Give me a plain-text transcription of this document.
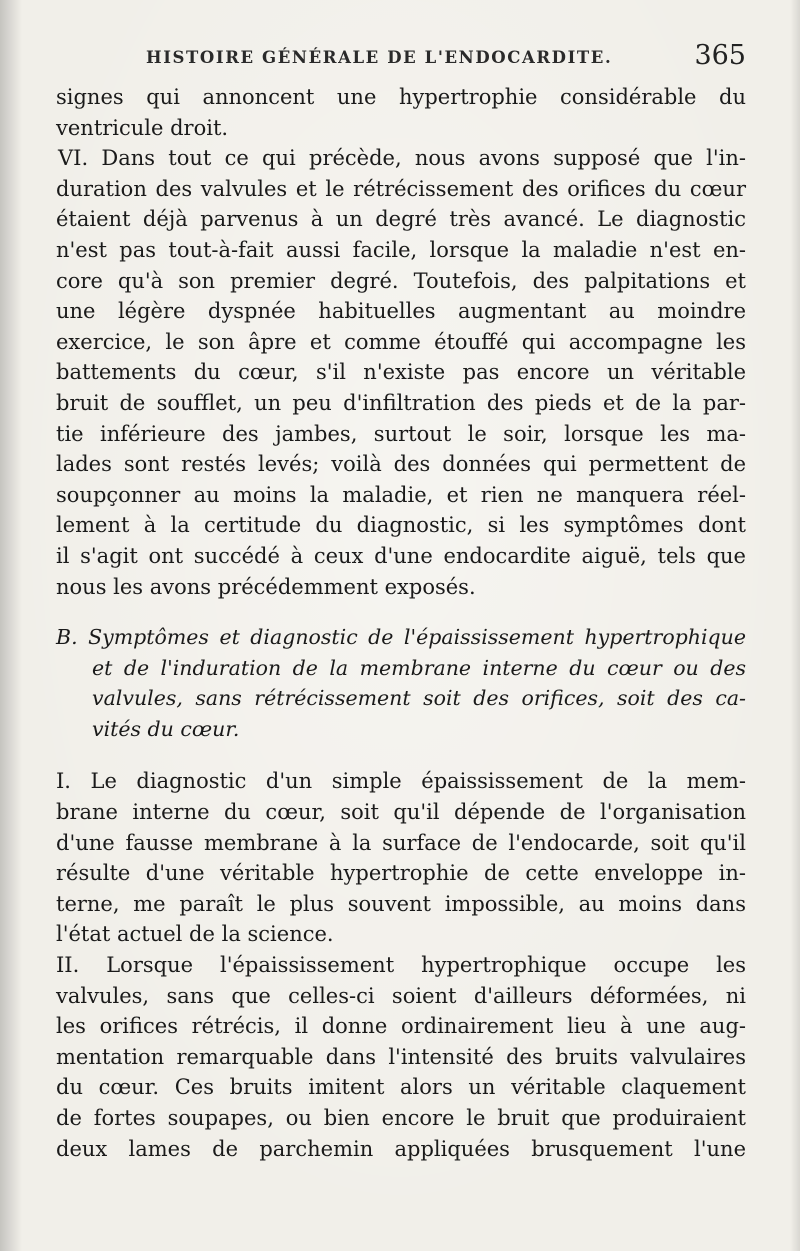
HISTOIRE GÉNÉRALE DE L'ENDOCARDITE.	365
signes qui annoncent une hypertrophie considérable du
ventricule droit.
VI. Dans tout ce qui précède, nous avons supposé que l'in-
duration des valvules et le rétrécissement des orifices du cœur
étaient déjà parvenus à un degré très avancé. Le diagnostic
n'est pas tout-à-fait aussi facile, lorsque la maladie n'est en-
core qu'à son premier degré. Toutefois, des palpitations et
une légère dyspnée habituelles augmentant au moindre
exercice, le son âpre et comme étouffé qui accompagne les
battements du cœur, s'il n'existe pas encore un véritable
bruit de soufflet, un peu d'infiltration des pieds et de la par-
tie inférieure des jambes, surtout le soir, lorsque les ma-
lades sont restés levés; voilà des données qui permettent de
soupçonner au moins la maladie, et rien ne manquera réel-
lement à la certitude du diagnostic, si les symptômes dont
il s'agit ont succédé à ceux d'une endocardite aiguë, tels que
nous les avons précédemment exposés.
B. Symptômes et diagnostic de l'épaississement hypertrophique
et de l'induration de la membrane interne du cœur ou des
valvules, sans rétrécissement soit des orifices, soit des ca-
vités du cœur.
I. Le diagnostic d'un simple épaississement de la mem-
brane interne du cœur, soit qu'il dépende de l'organisation
d'une fausse membrane à la surface de l'endocarde, soit qu'il
résulte d'une véritable hypertrophie de cette enveloppe in-
terne, me paraît le plus souvent impossible, au moins dans
l'état actuel de la science.
II. Lorsque l'épaississement hypertrophique occupe les
valvules, sans que celles-ci soient d'ailleurs déformées, ni
les orifices rétrécis, il donne ordinairement lieu à une aug-
mentation remarquable dans l'intensité des bruits valvulaires
du cœur. Ces bruits imitent alors un véritable claquement
de fortes soupapes, ou bien encore le bruit que produiraient
deux lames de parchemin appliquées brusquement l'une
